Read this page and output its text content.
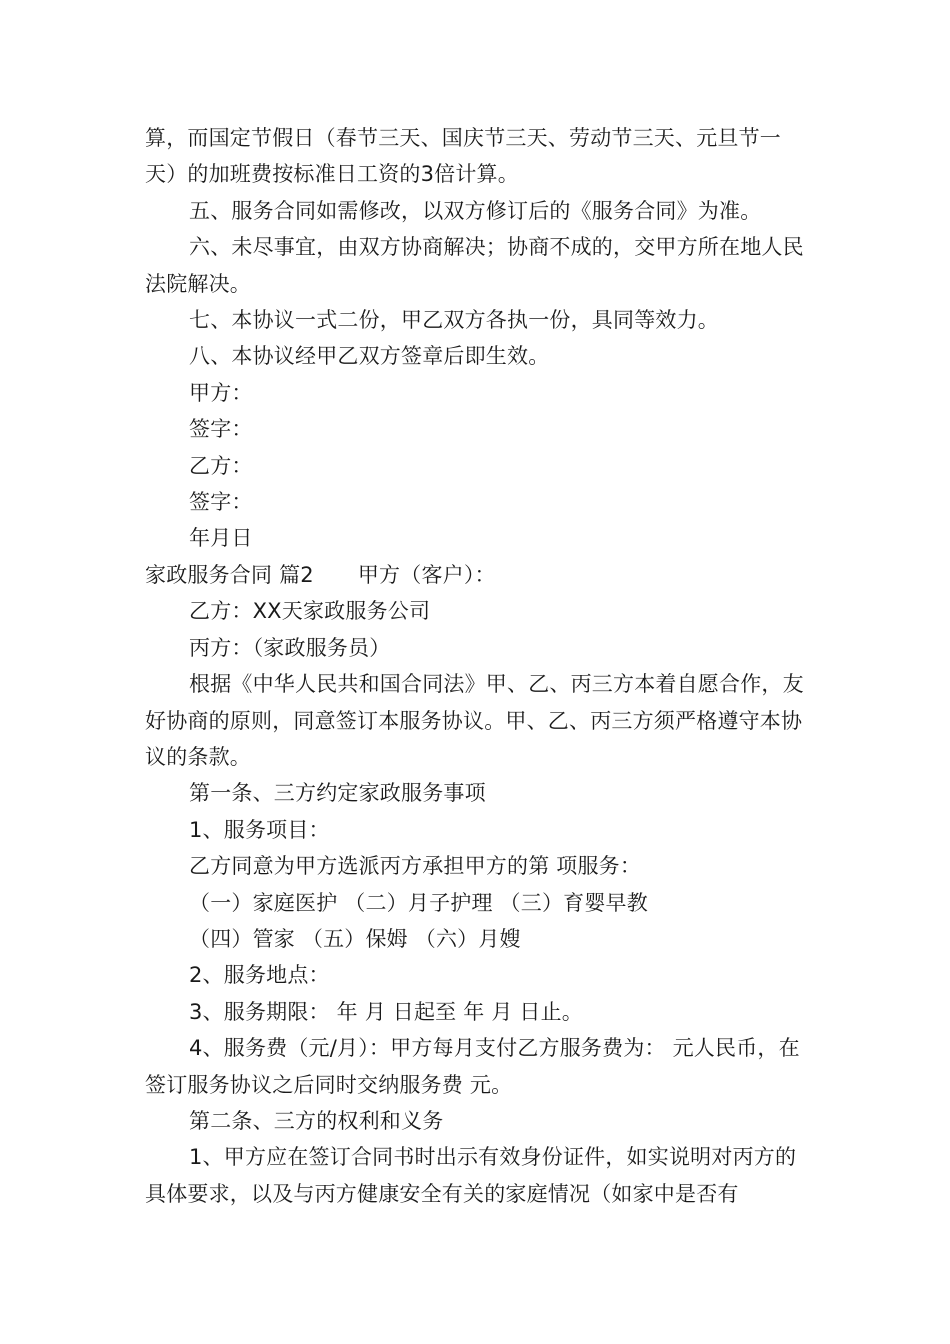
算，而国定节假日（春节三天、国庆节三天、劳动节三天、元旦节一天）的加班费按标准日工资的3倍计算。

五、服务合同如需修改，以双方修订后的《服务合同》为准。

六、未尽事宜，由双方协商解决；协商不成的，交甲方所在地人民法院解决。

七、本协议一式二份，甲乙双方各执一份，具同等效力。

八、本协议经甲乙双方签章后即生效。

甲方：

签字：

乙方：

签字：

年月日

家政服务合同 篇2 甲方（客户）：

乙方：XX天家政服务公司

丙方：（家政服务员）

根据《中华人民共和国合同法》甲、乙、丙三方本着自愿合作，友好协商的原则，同意签订本服务协议。甲、乙、丙三方须严格遵守本协议的条款。

第一条、三方约定家政服务事项

1、服务项目：

乙方同意为甲方选派丙方承担甲方的第 项服务：

（一）家庭医护 （二）月子护理 （三）育婴早教

（四）管家 （五）保姆 （六）月嫂

2、服务地点：

3、服务期限： 年 月 日起至 年 月 日止。

4、服务费（元/月）：甲方每月支付乙方服务费为： 元人民币，在签订服务协议之后同时交纳服务费 元。

第二条、三方的权利和义务

1、甲方应在签订合同书时出示有效身份证件，如实说明对丙方的具体要求，以及与丙方健康安全有关的家庭情况（如家中是否有
